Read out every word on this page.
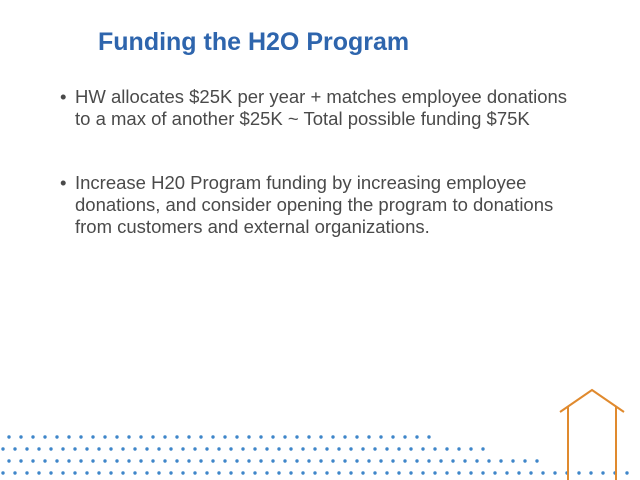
Funding the H2O Program
• HW allocates $25K per year + matches employee donations to a max of another $25K ~ Total possible funding $75K
• Increase H20 Program funding by increasing employee donations, and consider opening the program to donations from customers and external organizations.
